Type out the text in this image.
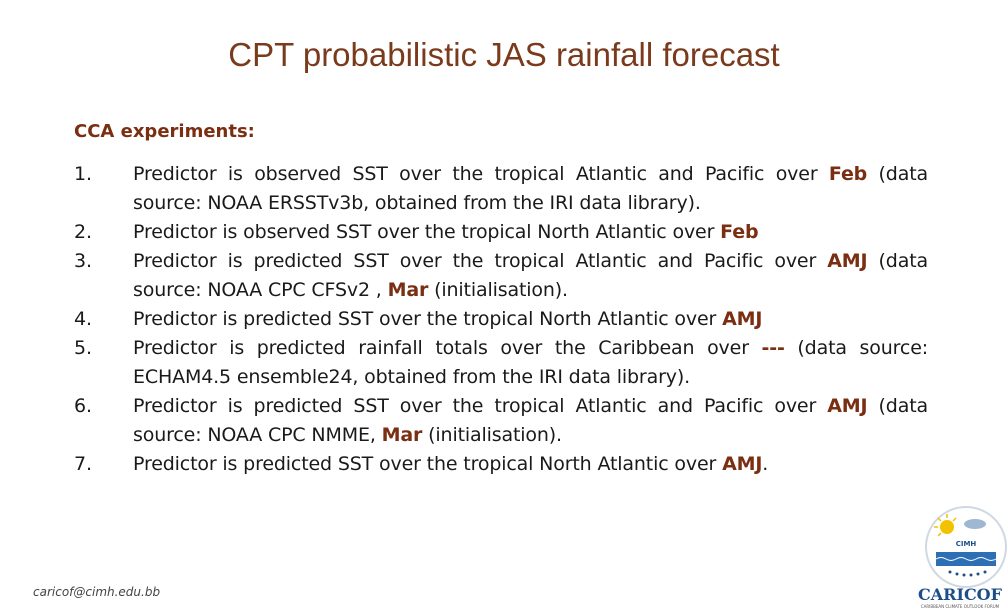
CPT probabilistic JAS rainfall forecast
CCA experiments:
1.	Predictor is observed SST over the tropical Atlantic and Pacific over Feb (data source: NOAA ERSSTv3b, obtained from the IRI data library).
2.	Predictor is observed SST over the tropical North Atlantic over Feb
3.	Predictor is predicted SST over the tropical Atlantic and Pacific over AMJ (data source: NOAA CPC CFSv2 , Mar (initialisation).
4.	Predictor is predicted SST over the tropical North Atlantic over AMJ
5.	Predictor is predicted rainfall totals over the Caribbean over --- (data source: ECHAM4.5 ensemble24, obtained from the IRI data library).
6.	Predictor is predicted SST over the tropical Atlantic and Pacific over AMJ (data source: NOAA CPC NMME, Mar (initialisation).
7.	Predictor is predicted SST over the tropical North Atlantic over AMJ.
caricof@cimh.edu.bb
CIMH
CARICOF
CARIBBEAN CLIMATE OUTLOOK FORUM
